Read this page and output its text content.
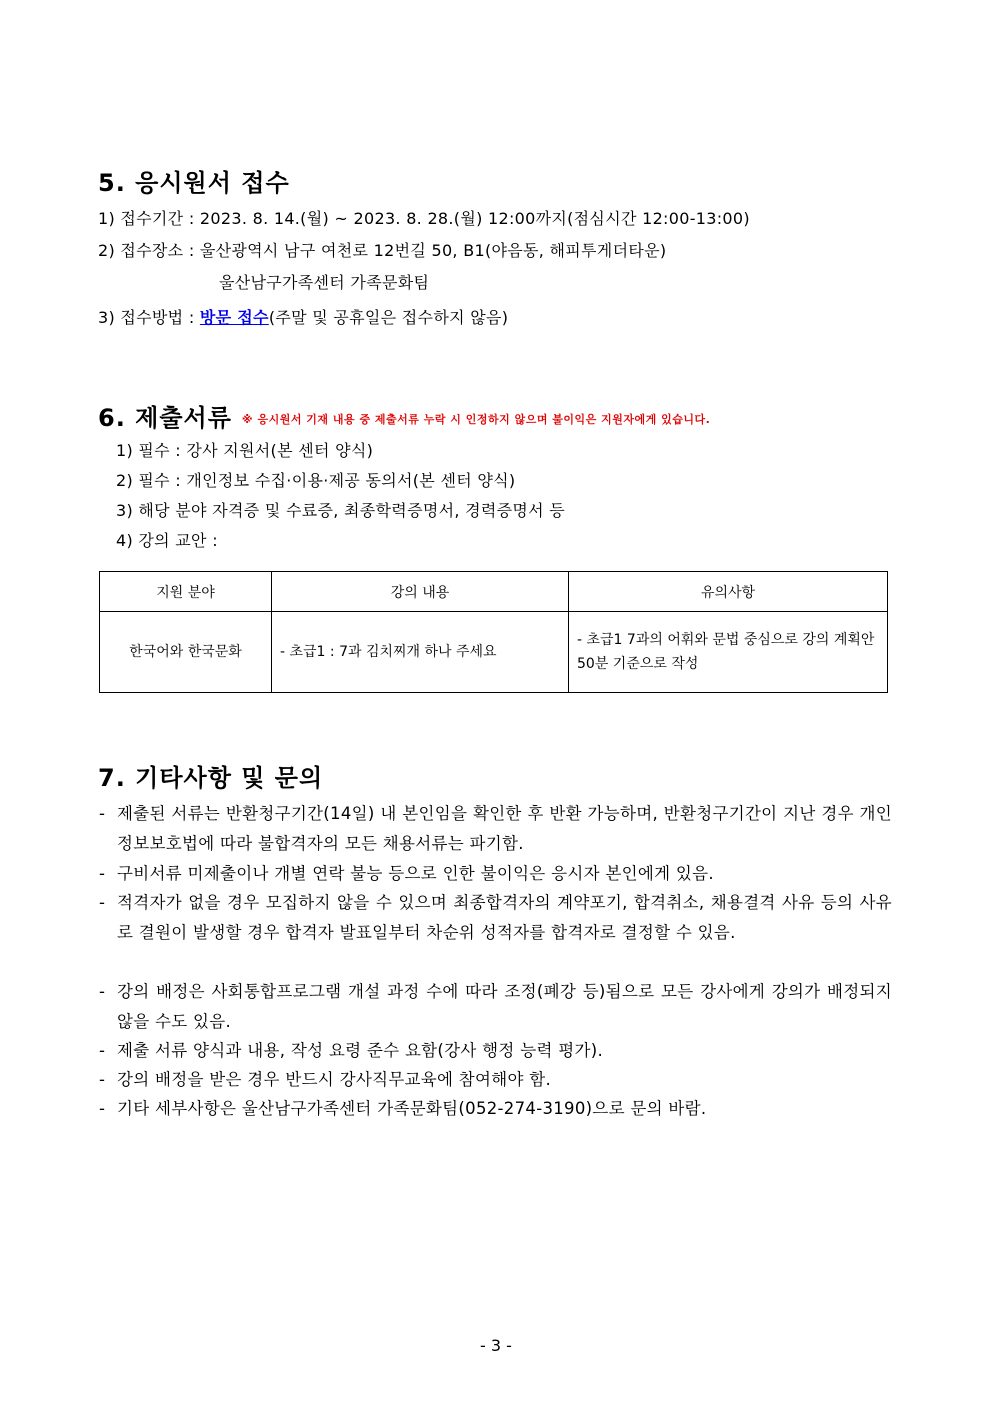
5. 응시원서 접수
1) 접수기간 : 2023. 8. 14.(월) ~ 2023. 8. 28.(월) 12:00까지(점심시간 12:00-13:00)
2) 접수장소 : 울산광역시 남구 여천로 12번길 50, B1(야음동, 해피투게더타운)
울산남구가족센터 가족문화팀
3) 접수방법 : 방문 접수(주말 및 공휴일은 접수하지 않음)
6. 제출서류 ※ 응시원서 기재 내용 중 제출서류 누락 시 인정하지 않으며 불이익은 지원자에게 있습니다.
1) 필수 : 강사 지원서(본 센터 양식)
2) 필수 : 개인정보 수집·이용·제공 동의서(본 센터 양식)
3) 해당 분야 자격증 및 수료증, 최종학력증명서, 경력증명서 등
4) 강의 교안 :
지원 분야	강의 내용	유의사항
한국어와 한국문화	- 초급1 : 7과 김치찌개 하나 주세요	- 초급1 7과의 어휘와 문법 중심으로 강의 계획안 50분 기준으로 작성
7. 기타사항 및 문의
- 제출된 서류는 반환청구기간(14일) 내 본인임을 확인한 후 반환 가능하며, 반환청구기간이 지난 경우 개인정보보호법에 따라 불합격자의 모든 채용서류는 파기함.
- 구비서류 미제출이나 개별 연락 불능 등으로 인한 불이익은 응시자 본인에게 있음.
- 적격자가 없을 경우 모집하지 않을 수 있으며 최종합격자의 계약포기, 합격취소, 채용결격 사유 등의 사유로 결원이 발생할 경우 합격자 발표일부터 차순위 성적자를 합격자로 결정할 수 있음.
- 강의 배정은 사회통합프로그램 개설 과정 수에 따라 조정(폐강 등)됨으로 모든 강사에게 강의가 배정되지 않을 수도 있음.
- 제출 서류 양식과 내용, 작성 요령 준수 요함(강사 행정 능력 평가).
- 강의 배정을 받은 경우 반드시 강사직무교육에 참여해야 함.
- 기타 세부사항은 울산남구가족센터 가족문화팀(052-274-3190)으로 문의 바람.
- 3 -
